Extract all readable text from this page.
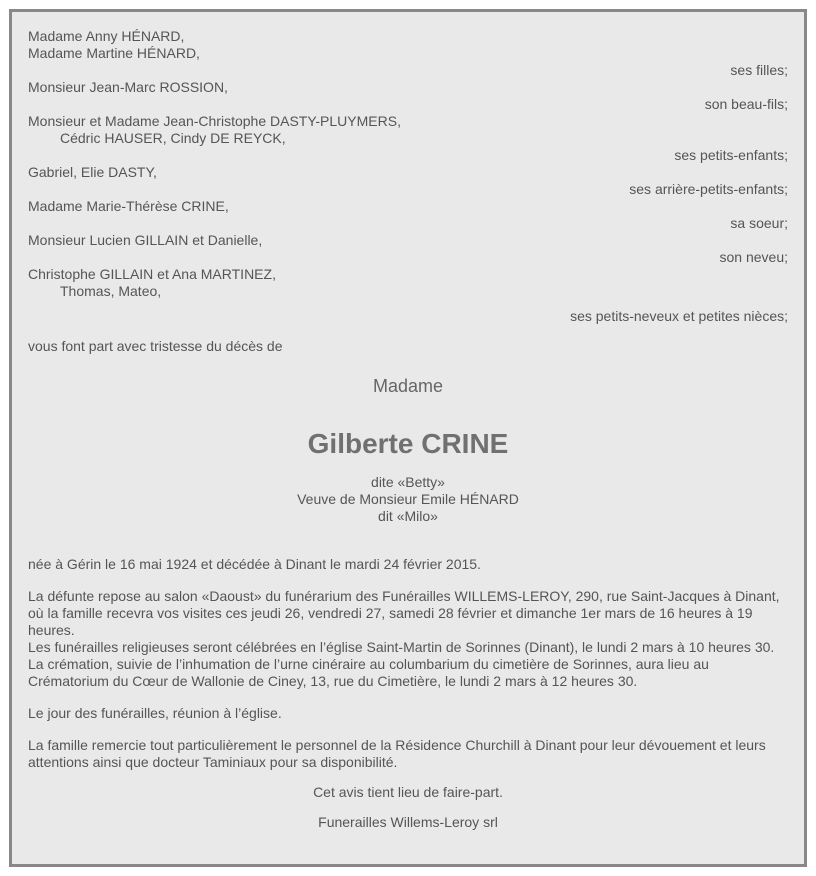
Madame Anny HÉNARD,
Madame Martine HÉNARD,
ses filles;
Monsieur Jean-Marc ROSSION,
son beau-fils;
Monsieur et Madame Jean-Christophe DASTY-PLUYMERS,
Cédric HAUSER, Cindy DE REYCK,
ses petits-enfants;
Gabriel, Elie DASTY,
ses arrière-petits-enfants;
Madame Marie-Thérèse CRINE,
sa soeur;
Monsieur Lucien GILLAIN et Danielle,
son neveu;
Christophe GILLAIN et Ana MARTINEZ,
Thomas, Mateo,
ses petits-neveux et petites nièces;
vous font part avec tristesse du décès de
Madame
Gilberte CRINE
dite «Betty»
Veuve de Monsieur Emile HÉNARD
dit «Milo»
née à Gérin le 16 mai 1924 et décédée à Dinant le mardi 24 février 2015.
La défunte repose au salon «Daoust» du funérarium des Funérailles WILLEMS-LEROY, 290, rue Saint-Jacques à Dinant, où la famille recevra vos visites ces jeudi 26, vendredi 27, samedi 28 février et dimanche 1er mars de 16 heures à 19 heures.
Les funérailles religieuses seront célébrées en l’église Saint-Martin de Sorinnes (Dinant), le lundi 2 mars à 10 heures 30.
La crémation, suivie de l’inhumation de l’urne cinéraire au columbarium du cimetière de Sorinnes, aura lieu au Crématorium du Cœur de Wallonie de Ciney, 13, rue du Cimetière, le lundi 2 mars à 12 heures 30.
Le jour des funérailles, réunion à l’église.
La famille remercie tout particulièrement le personnel de la Résidence Churchill à Dinant pour leur dévouement et leurs attentions ainsi que docteur Taminiaux pour sa disponibilité.
Cet avis tient lieu de faire-part.
Funerailles Willems-Leroy srl
